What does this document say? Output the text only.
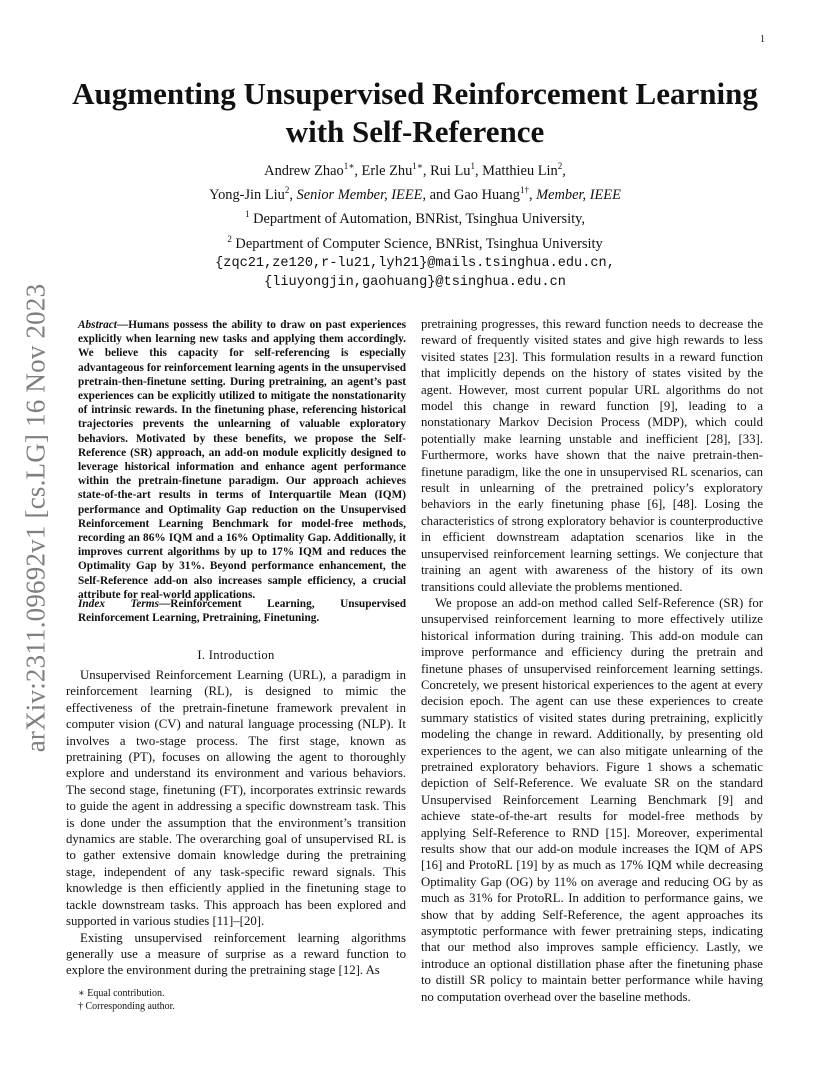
1
arXiv:2311.09692v1 [cs.LG] 16 Nov 2023
Augmenting Unsupervised Reinforcement Learning
with Self-Reference
Andrew Zhao$^{1∗}$, Erle Zhu$^{1∗}$, Rui Lu$^1$, Matthieu Lin$^2$,
Yong-Jin Liu$^2$, Senior Member, IEEE, and Gao Huang$^{1\dagger}$, Member, IEEE
$^1$ Department of Automation, BNRist, Tsinghua University,
$^2$ Department of Computer Science, BNRist, Tsinghua University
{zqc21,ze120,r-lu21,lyh21}@mails.tsinghua.edu.cn,
{liuyongjin,gaohuang}@tsinghua.edu.cn
Abstract—Humans possess the ability to draw on past experiences explicitly when learning new tasks and applying them accordingly. We believe this capacity for self-referencing is especially advantageous for reinforcement learning agents in the unsupervised pretrain-then-finetune setting. During pretraining, an agent’s past experiences can be explicitly utilized to mitigate the nonstationarity of intrinsic rewards. In the finetuning phase, referencing historical trajectories prevents the unlearning of valuable exploratory behaviors. Motivated by these benefits, we propose the Self-Reference (SR) approach, an add-on module explicitly designed to leverage historical information and enhance agent performance within the pretrain-finetune paradigm. Our approach achieves state-of-the-art results in terms of Interquartile Mean (IQM) performance and Optimality Gap reduction on the Unsupervised Reinforcement Learning Benchmark for model-free methods, recording an 86% IQM and a 16% Optimality Gap. Additionally, it improves current algorithms by up to 17% IQM and reduces the Optimality Gap by 31%. Beyond performance enhancement, the Self-Reference add-on also increases sample efficiency, a crucial attribute for real-world applications.
Index Terms—Reinforcement Learning, Unsupervised Reinforcement Learning, Pretraining, Finetuning.
I. Introduction

Unsupervised Reinforcement Learning (URL), a paradigm in reinforcement learning (RL), is designed to mimic the effectiveness of the pretrain-finetune framework prevalent in computer vision (CV) and natural language processing (NLP). It involves a two-stage process. The first stage, known as pretraining (PT), focuses on allowing the agent to thoroughly explore and understand its environment and various behaviors. The second stage, finetuning (FT), incorporates extrinsic rewards to guide the agent in addressing a specific downstream task. This is done under the assumption that the environment’s transition dynamics are stable. The overarching goal of unsupervised RL is to gather extensive domain knowledge during the pretraining stage, independent of any task-specific reward signals. This knowledge is then efficiently applied in the finetuning stage to tackle downstream tasks. This approach has been explored and supported in various studies [11]–[20].

Existing unsupervised reinforcement learning algorithms generally use a measure of surprise as a reward function to explore the environment during the pretraining stage [12]. As

∗ Equal contribution.
† Corresponding author.

pretraining progresses, this reward function needs to decrease the reward of frequently visited states and give high rewards to less visited states [23]. This formulation results in a reward function that implicitly depends on the history of states visited by the agent. However, most current popular URL algorithms do not model this change in reward function [9], leading to a nonstationary Markov Decision Process (MDP), which could potentially make learning unstable and inefficient [28], [33]. Furthermore, works have shown that the naive pretrain-then-finetune paradigm, like the one in unsupervised RL scenarios, can result in unlearning of the pretrained policy’s exploratory behaviors in the early finetuning phase [6], [48]. Losing the characteristics of strong exploratory behavior is counterproductive in efficient downstream adaptation scenarios like in the unsupervised reinforcement learning settings. We conjecture that training an agent with awareness of the history of its own transitions could alleviate the problems mentioned.

We propose an add-on method called Self-Reference (SR) for unsupervised reinforcement learning to more effectively utilize historical information during training. This add-on module can improve performance and efficiency during the pretrain and finetune phases of unsupervised reinforcement learning settings. Concretely, we present historical experiences to the agent at every decision epoch. The agent can use these experiences to create summary statistics of visited states during pretraining, explicitly modeling the change in reward. Additionally, by presenting old experiences to the agent, we can also mitigate unlearning of the pretrained exploratory behaviors. Figure 1 shows a schematic depiction of Self-Reference. We evaluate SR on the standard Unsupervised Reinforcement Learning Benchmark [9] and achieve state-of-the-art results for model-free methods by applying Self-Reference to RND [15]. Moreover, experimental results show that our add-on module increases the IQM of APS [16] and ProtoRL [19] by as much as 17% IQM while decreasing Optimality Gap (OG) by 11% on average and reducing OG by as much as 31% for ProtoRL. In addition to performance gains, we show that by adding Self-Reference, the agent approaches its asymptotic performance with fewer pretraining steps, indicating that our method also improves sample efficiency. Lastly, we introduce an optional distillation phase after the finetuning phase to distill SR policy to maintain better performance while having no computation overhead over the baseline methods.
